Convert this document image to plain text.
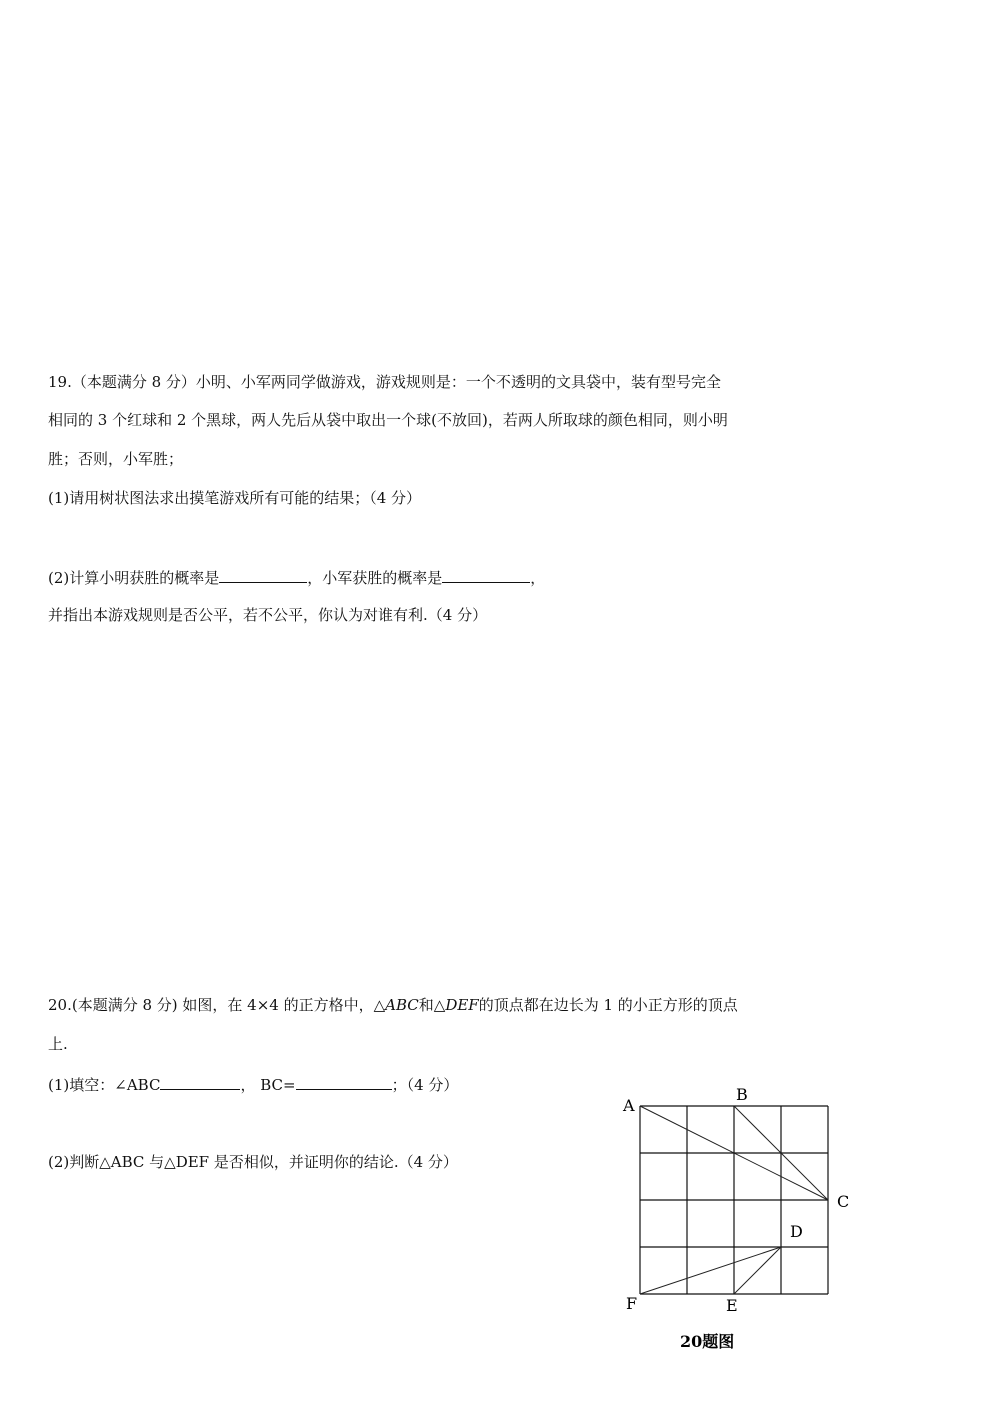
19.（本题满分 8 分）小明、小军两同学做游戏，游戏规则是：一个不透明的文具袋中，装有型号完全
相同的 3 个红球和 2 个黑球，两人先后从袋中取出一个球(不放回)，若两人所取球的颜色相同，则小明
胜；否则，小军胜；
(1)请用树状图法求出摸笔游戏所有可能的结果；（4 分）
(2)计算小明获胜的概率是	，小军获胜的概率是	，
并指出本游戏规则是否公平，若不公平，你认为对谁有利.（4 分）
20.(本题满分 8 分) 如图，在 4×4 的正方格中，△ABC和△DEF的顶点都在边长为 1 的小正方形的顶点
上.
(1)填空：∠ABC	， BC=	；（4 分）
(2)判断△ABC 与△DEF 是否相似，并证明你的结论.（4 分）
A
B
C
D
E
F
20题图
